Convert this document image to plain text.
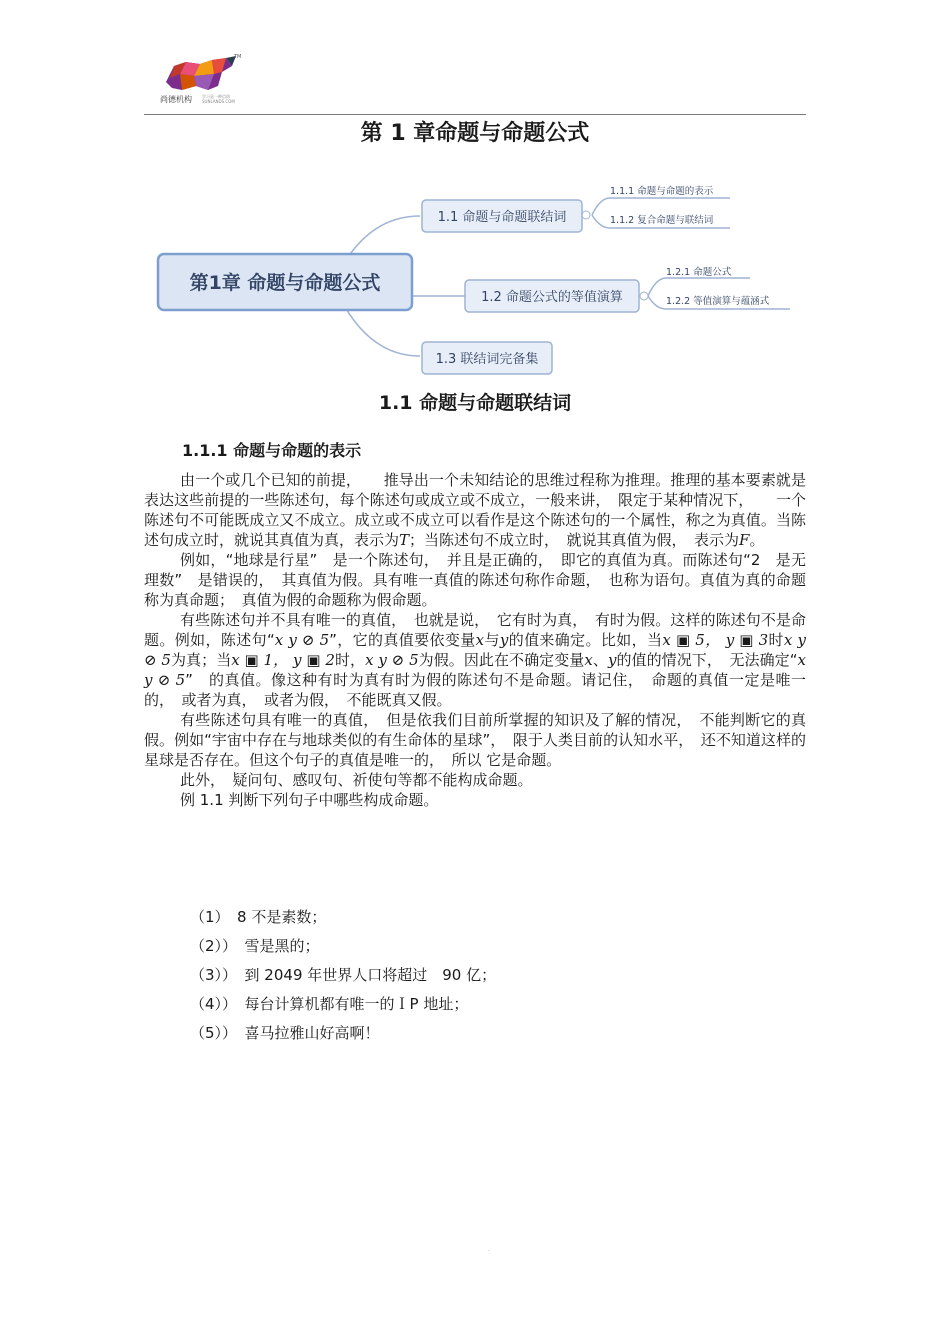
TM
尚德机构	学习是一种信仰
SUNLANDS.COM
第 1 章命题与命题公式
第1章 命题与命题公式
1.1 命题与命题联结词
1.2 命题公式的等值演算
1.3 联结词完备集
1.1.1 命题与命题的表示
1.1.2 复合命题与联结词
1.2.1 命题公式
1.2.2 等值演算与蕴涵式
1.1 命题与命题联结词
1.1.1 命题与命题的表示

由一个或几个已知的前提，　　推导出一个未知结论的思维过程称为推理。推理的基本要素就是表达这些前提的一些陈述句，每个陈述句或成立或不成立，一般来讲，　限定于某种情况下，　　一个陈述句不可能既成立又不成立。成立或不成立可以看作是这个陈述句的一个属性，称之为真值。当陈述句成立时，就说其真值为真，表示为T；当陈述句不成立时，　就说其真值为假，　表示为F。

例如，“地球是行星”　是一个陈述句，　并且是正确的，　即它的真值为真。而陈述句“2　是无理数”　是错误的，　其真值为假。具有唯一真值的陈述句称作命题，　也称为语句。真值为真的命题称为真命题；　真值为假的命题称为假命题。

有些陈述句并不具有唯一的真值，　也就是说，　它有时为真，　有时为假。这样的陈述句不是命题。例如，陈述句“x y ⊘ 5”，它的真值要依变量x与y的值来确定。比如，当x ▣ 5， y ▣ 3时x y ⊘ 5为真；当x ▣ 1， y ▣ 2时，x y ⊘ 5为假。因此在不确定变量x、y的值的情况下，　无法确定“x y ⊘ 5”　的真值。像这种有时为真有时为假的陈述句不是命题。请记住，　命题的真值一定是唯一的，　或者为真，　或者为假，　不能既真又假。

有些陈述句具有唯一的真值，　但是依我们目前所掌握的知识及了解的情况，　不能判断它的真假。例如“宇宙中存在与地球类似的有生命体的星球”，　限于人类目前的认知水平，　还不知道这样的星球是否存在。但这个句子的真值是唯一的，　所以 它是命题。

此外，　疑问句、感叹句、祈使句等都不能构成命题。

例 1.1 判断下列句子中哪些构成命题。

（1）　8 不是素数；
（2））　雪是黑的；
（3））　到 2049 年世界人口将超过　90 亿；
（4））　每台计算机都有唯一的ＩP 地址；
（5））　喜马拉雅山好高啊！
.
